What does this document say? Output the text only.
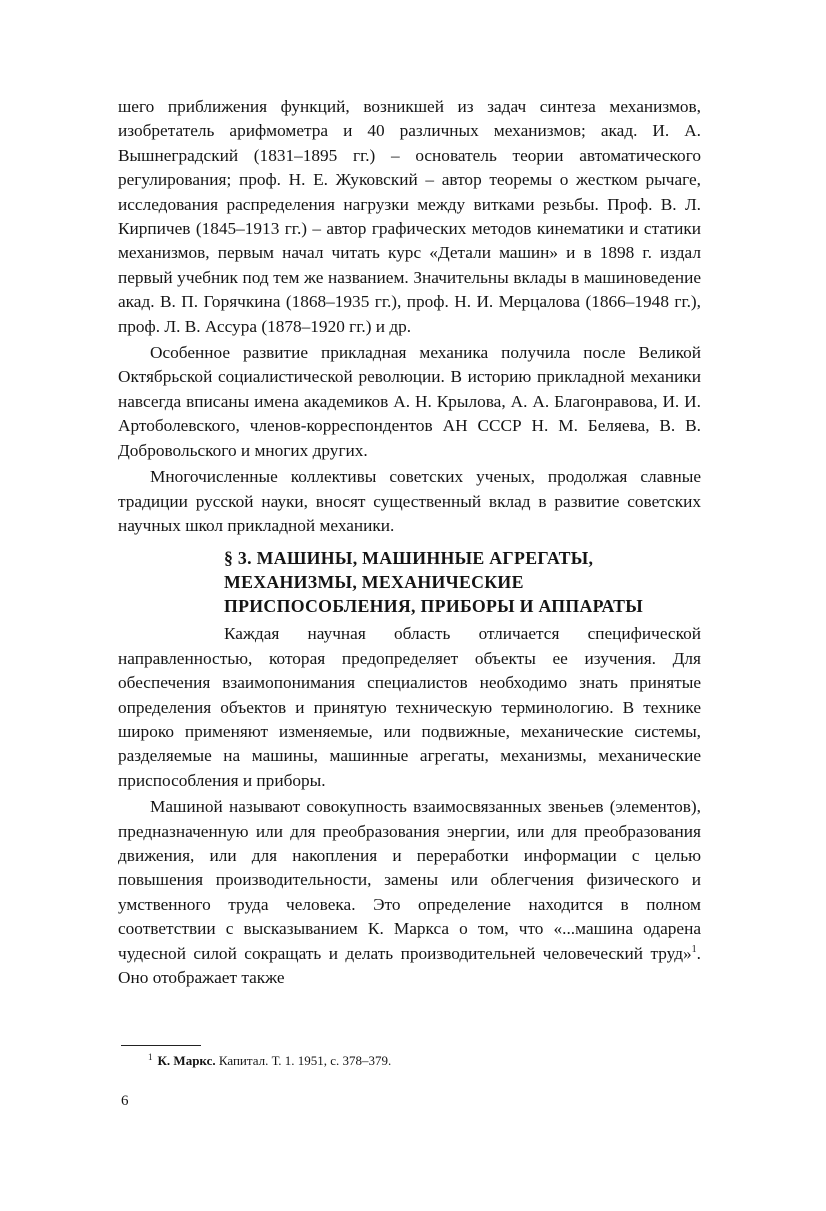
шего приближения функций, возникшей из задач синтеза механизмов, изобретатель арифмометра и 40 различных механизмов; акад. И. А. Вышнеградский (1831–1895 гг.) – основатель теории автоматического регулирования; проф. Н. Е. Жуковский – автор теоремы о жестком рычаге, исследования распределения нагрузки между витками резьбы. Проф. В. Л. Кирпичев (1845–1913 гг.) – автор графических методов кинематики и статики механизмов, первым начал читать курс «Детали машин» и в 1898 г. издал первый учебник под тем же названием. Значительны вклады в машиноведение акад. В. П. Горячкина (1868–1935 гг.), проф. Н. И. Мерцалова (1866–1948 гг.), проф. Л. В. Ассура (1878–1920 гг.) и др.

Особенное развитие прикладная механика получила после Великой Октябрьской социалистической революции. В историю прикладной механики навсегда вписаны имена академиков А. Н. Крылова, А. А. Благонравова, И. И. Артоболевского, членов-корреспондентов АН СССР Н. М. Беляева, В. В. Добровольского и многих других.

Многочисленные коллективы советских ученых, продолжая славные традиции русской науки, вносят существенный вклад в развитие советских научных школ прикладной механики.

§ 3. МАШИНЫ, МАШИННЫЕ АГРЕГАТЫ,
МЕХАНИЗМЫ, МЕХАНИЧЕСКИЕ
ПРИСПОСОБЛЕНИЯ, ПРИБОРЫ И АППАРАТЫ

Каждая научная область отличается специфической направленностью, которая предопределяет объекты ее изучения. Для обеспечения взаимопонимания специалистов необходимо знать принятые определения объектов и принятую техническую терминологию. В технике широко применяют изменяемые, или подвижные, механические системы, разделяемые на машины, машинные агрегаты, механизмы, механические приспособления и приборы.

Машиной называют совокупность взаимосвязанных звеньев (элементов), предназначенную или для преобразования энергии, или для преобразования движения, или для накопления и переработки информации с целью повышения производительности, замены или облегчения физического и умственного труда человека. Это определение находится в полном соответствии с высказыванием К. Маркса о том, что «...машина одарена чудесной силой сокращать и делать производительней человеческий труд»$^1$. Оно отображает также

$^1$ К. Маркс. Капитал. Т. 1. 1951, с. 378–379.
6
